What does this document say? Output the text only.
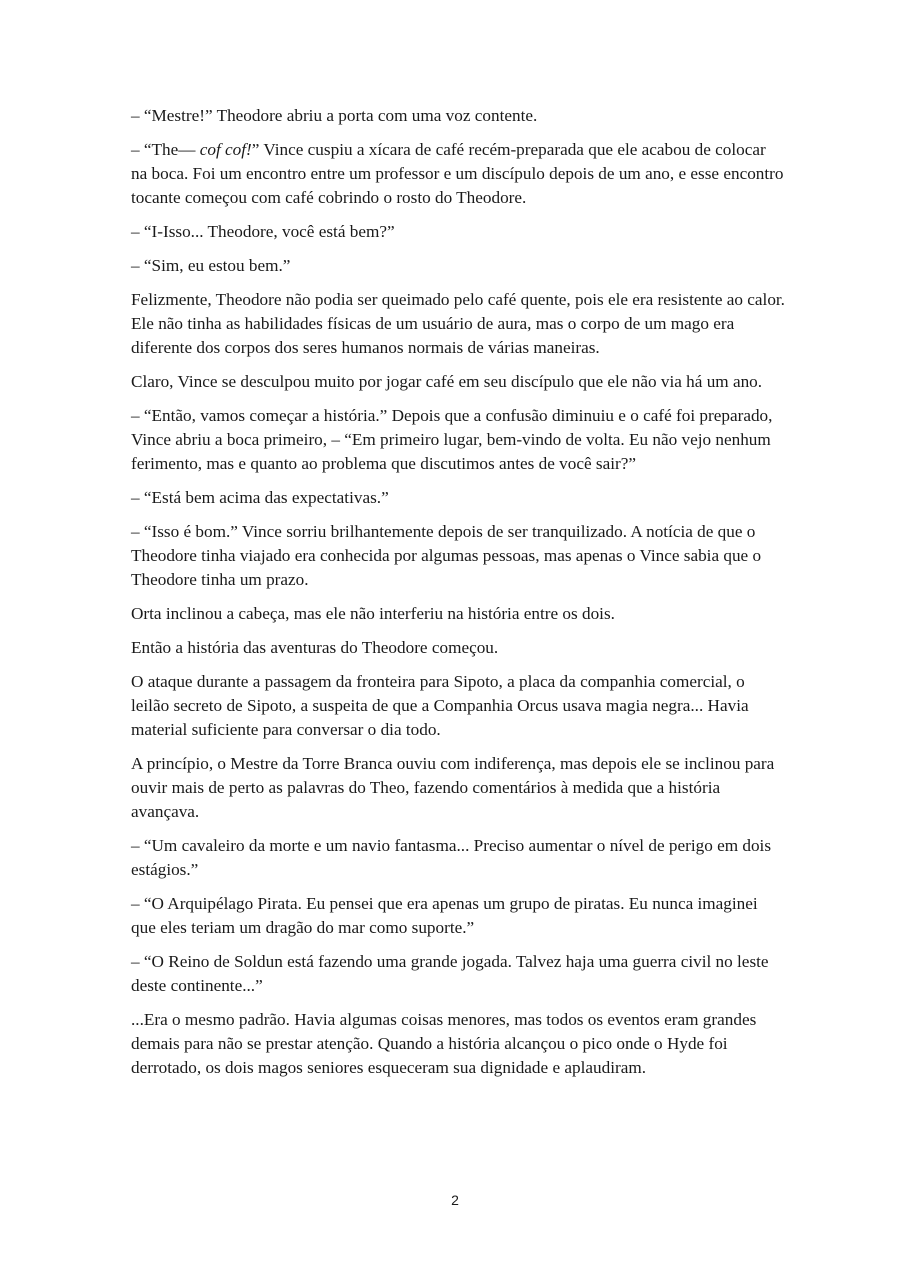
– “Mestre!” Theodore abriu a porta com uma voz contente.

– “The— cof cof!” Vince cuspiu a xícara de café recém-preparada que ele acabou de colocar na boca. Foi um encontro entre um professor e um discípulo depois de um ano, e esse encontro tocante começou com café cobrindo o rosto do Theodore.

– “I-Isso... Theodore, você está bem?”

– “Sim, eu estou bem.”

Felizmente, Theodore não podia ser queimado pelo café quente, pois ele era resistente ao calor. Ele não tinha as habilidades físicas de um usuário de aura, mas o corpo de um mago era diferente dos corpos dos seres humanos normais de várias maneiras.

Claro, Vince se desculpou muito por jogar café em seu discípulo que ele não via há um ano.

– “Então, vamos começar a história.” Depois que a confusão diminuiu e o café foi preparado, Vince abriu a boca primeiro, – “Em primeiro lugar, bem-vindo de volta. Eu não vejo nenhum ferimento, mas e quanto ao problema que discutimos antes de você sair?”

– “Está bem acima das expectativas.”

– “Isso é bom.” Vince sorriu brilhantemente depois de ser tranquilizado. A notícia de que o Theodore tinha viajado era conhecida por algumas pessoas, mas apenas o Vince sabia que o Theodore tinha um prazo.

Orta inclinou a cabeça, mas ele não interferiu na história entre os dois.

Então a história das aventuras do Theodore começou.

O ataque durante a passagem da fronteira para Sipoto, a placa da companhia comercial, o leilão secreto de Sipoto, a suspeita de que a Companhia Orcus usava magia negra... Havia material suficiente para conversar o dia todo.

A princípio, o Mestre da Torre Branca ouviu com indiferença, mas depois ele se inclinou para ouvir mais de perto as palavras do Theo, fazendo comentários à medida que a história avançava.

– “Um cavaleiro da morte e um navio fantasma... Preciso aumentar o nível de perigo em dois estágios.”

– “O Arquipélago Pirata. Eu pensei que era apenas um grupo de piratas. Eu nunca imaginei que eles teriam um dragão do mar como suporte.”

– “O Reino de Soldun está fazendo uma grande jogada. Talvez haja uma guerra civil no leste deste continente...”

...Era o mesmo padrão. Havia algumas coisas menores, mas todos os eventos eram grandes demais para não se prestar atenção. Quando a história alcançou o pico onde o Hyde foi derrotado, os dois magos seniores esqueceram sua dignidade e aplaudiram.

2
